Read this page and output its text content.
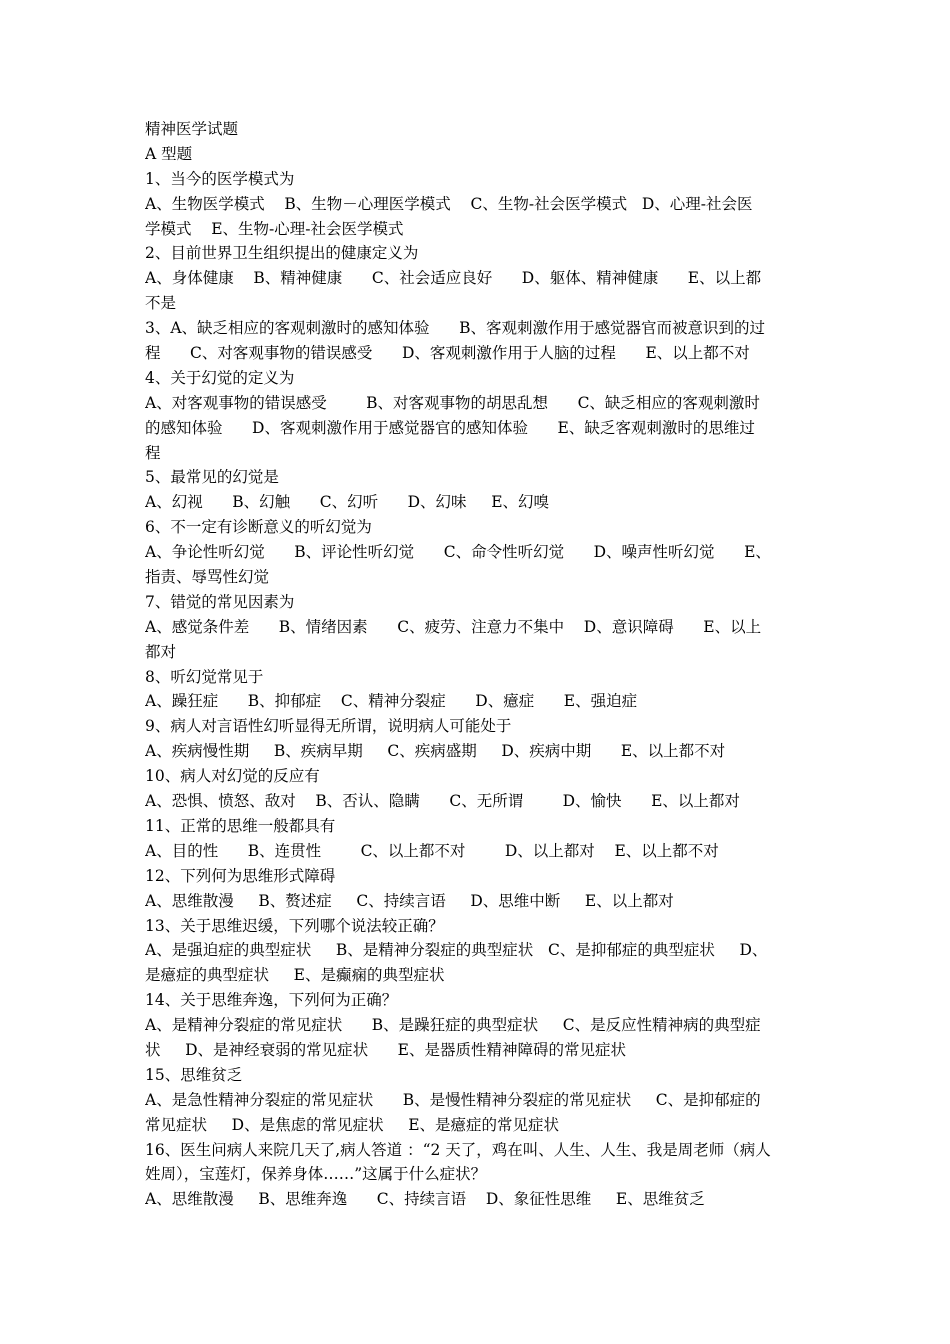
精神医学试题
A 型题
1、当今的医学模式为
A、生物医学模式    B、生物－心理医学模式    C、生物-社会医学模式   D、心理-社会医
学模式    E、生物-心理-社会医学模式
2、目前世界卫生组织提出的健康定义为
A、身体健康    B、精神健康      C、社会适应良好      D、躯体、精神健康      E、以上都
不是
3、A、缺乏相应的客观刺激时的感知体验      B、客观刺激作用于感觉器官而被意识到的过
程      C、对客观事物的错误感受      D、客观刺激作用于人脑的过程      E、以上都不对
4、关于幻觉的定义为
A、对客观事物的错误感受        B、对客观事物的胡思乱想      C、缺乏相应的客观刺激时
的感知体验      D、客观刺激作用于感觉器官的感知体验      E、缺乏客观刺激时的思维过
程
5、最常见的幻觉是
A、幻视      B、幻触      C、幻听      D、幻味     E、幻嗅
6、不一定有诊断意义的听幻觉为
A、争论性听幻觉      B、评论性听幻觉      C、命令性听幻觉      D、噪声性听幻觉      E、
指责、辱骂性幻觉
7、错觉的常见因素为
A、感觉条件差      B、情绪因素      C、疲劳、注意力不集中    D、意识障碍      E、以上
都对
8、听幻觉常见于
A、躁狂症      B、抑郁症    C、精神分裂症      D、癔症      E、强迫症
9、病人对言语性幻听显得无所谓，说明病人可能处于
A、疾病慢性期     B、疾病早期     C、疾病盛期     D、疾病中期      E、以上都不对
10、病人对幻觉的反应有
A、恐惧、愤怒、敌对    B、否认、隐瞒      C、无所谓        D、愉快      E、以上都对
11、正常的思维一般都具有
A、目的性      B、连贯性        C、以上都不对        D、以上都对    E、以上都不对
12、下列何为思维形式障碍
A、思维散漫     B、赘述症     C、持续言语     D、思维中断     E、以上都对
13、关于思维迟缓，下列哪个说法较正确？
A、是强迫症的典型症状     B、是精神分裂症的典型症状   C、是抑郁症的典型症状     D、
是癔症的典型症状     E、是癫痫的典型症状
14、关于思维奔逸，下列何为正确？
A、是精神分裂症的常见症状      B、是躁狂症的典型症状     C、是反应性精神病的典型症
状     D、是神经衰弱的常见症状      E、是器质性精神障碍的常见症状
15、思维贫乏
A、是急性精神分裂症的常见症状      B、是慢性精神分裂症的常见症状     C、是抑郁症的
常见症状     D、是焦虑的常见症状     E、是癔症的常见症状
16、医生问病人来院几天了,病人答道 ：“2 天了，鸡在叫、人生、人生、我是周老师（病人
姓周），宝莲灯，保养身体……”这属于什么症状？
A、思维散漫     B、思维奔逸      C、持续言语    D、象征性思维     E、思维贫乏
